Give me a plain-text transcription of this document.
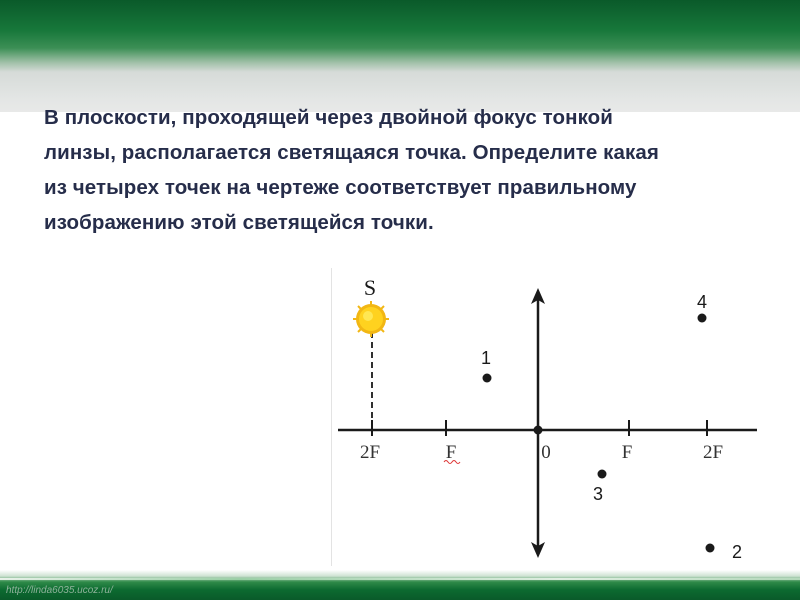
В плоскости, проходящей через двойной фокус тонкой
линзы, располагается светящаяся точка. Определите какая
из четырех точек на чертеже соответствует правильному
изображению этой светящейся точки.
S
2F	F	0	F	2F
1
4
3
2
http://linda6035.ucoz.ru/
